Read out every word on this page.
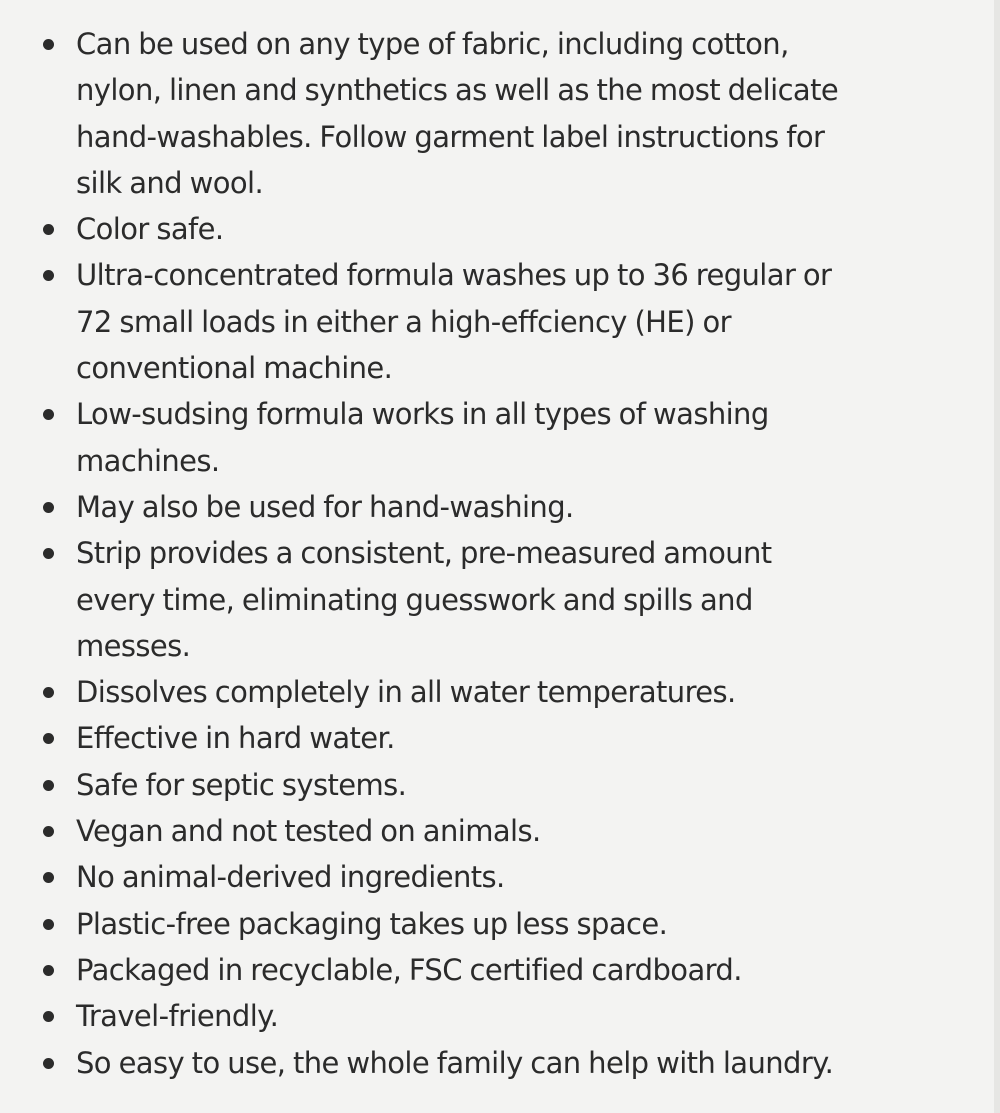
Can be used on any type of fabric, including cotton,
nylon, linen and synthetics as well as the most delicate
hand-washables. Follow garment label instructions for
silk and wool.
Color safe.
Ultra-concentrated formula washes up to 36 regular or
72 small loads in either a high-effciency (HE) or
conventional machine.
Low-sudsing formula works in all types of washing
machines.
May also be used for hand-washing.
Strip provides a consistent, pre-measured amount
every time, eliminating guesswork and spills and
messes.
Dissolves completely in all water temperatures.
Effective in hard water.
Safe for septic systems.
Vegan and not tested on animals.
No animal-derived ingredients.
Plastic-free packaging takes up less space.
Packaged in recyclable, FSC certified cardboard.
Travel-friendly.
So easy to use, the whole family can help with laundry.
